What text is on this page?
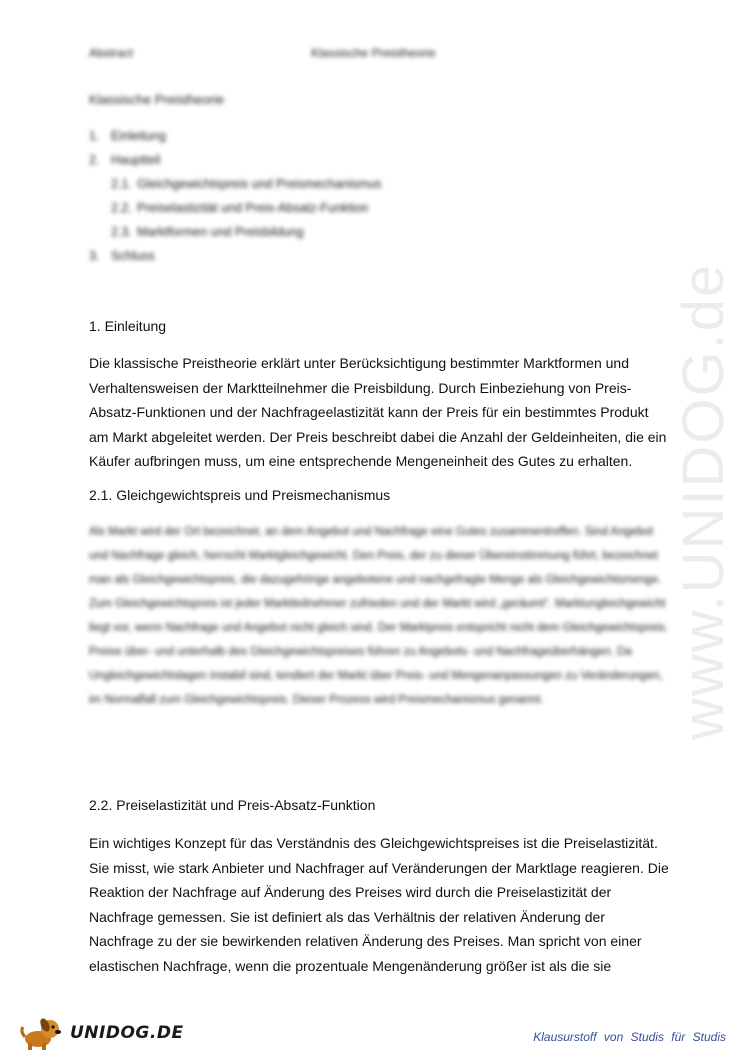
Abstract	Klassische Preistheorie
Klassische Preistheorie
1. Einleitung
2. Hauptteil
2.1. Gleichgewichtspreis und Preismechanismus
2.2. Preiselastizität und Preis-Absatz-Funktion
2.3. Marktformen und Preisbildung
3. Schluss
1. Einleitung

Die klassische Preistheorie erklärt unter Berücksichtigung bestimmter Marktformen und Verhaltensweisen der Marktteilnehmer die Preisbildung. Durch Einbeziehung von Preis-Absatz-Funktionen und der Nachfrageelastizität kann der Preis für ein bestimmtes Produkt am Markt abgeleitet werden. Der Preis beschreibt dabei die Anzahl der Geldeinheiten, die ein Käufer aufbringen muss, um eine entsprechende Mengeneinheit des Gutes zu erhalten.

2.1. Gleichgewichtspreis und Preismechanismus

Als Markt wird der Ort bezeichnet, an dem Angebot und Nachfrage eine Gutes zusammentreffen. Sind Angebot und Nachfrage gleich, herrscht Marktgleichgewicht. Den Preis, der zu dieser Übereinstimmung führt, bezeichnet man als Gleichgewichtspreis, die dazugehörige angebotene und nachgefragte Menge als Gleichgewichtsmenge. Zum Gleichgewichtspreis ist jeder Marktteilnehmer zufrieden und der Markt wird „geräumt“. Marktungleichgewicht liegt vor, wenn Nachfrage und Angebot nicht gleich sind. Der Marktpreis entspricht nicht dem Gleichgewichtspreis. Preise über- und unterhalb des Gleichgewichtspreises führen zu Angebots- und Nachfrageüberhängen. Da Ungleichgewichtslagen instabil sind, tendiert der Markt über Preis- und Mengenanpassungen zu Veränderungen, im Normalfall zum Gleichgewichtspreis. Dieser Prozess wird Preismechanismus genannt.

2.2. Preiselastizität und Preis-Absatz-Funktion

Ein wichtiges Konzept für das Verständnis des Gleichgewichtspreises ist die Preiselastizität. Sie misst, wie stark Anbieter und Nachfrager auf Veränderungen der Marktlage reagieren. Die Reaktion der Nachfrage auf Änderung des Preises wird durch die Preiselastizität der Nachfrage gemessen. Sie ist definiert als das Verhältnis der relativen Änderung der Nachfrage zu der sie bewirkenden relativen Änderung des Preises. Man spricht von einer elastischen Nachfrage, wenn die prozentuale Mengenänderung größer ist als die sie

www.UNIDOG.de
UNIDOG.DE	Klausurstoff von Studis für Studis
